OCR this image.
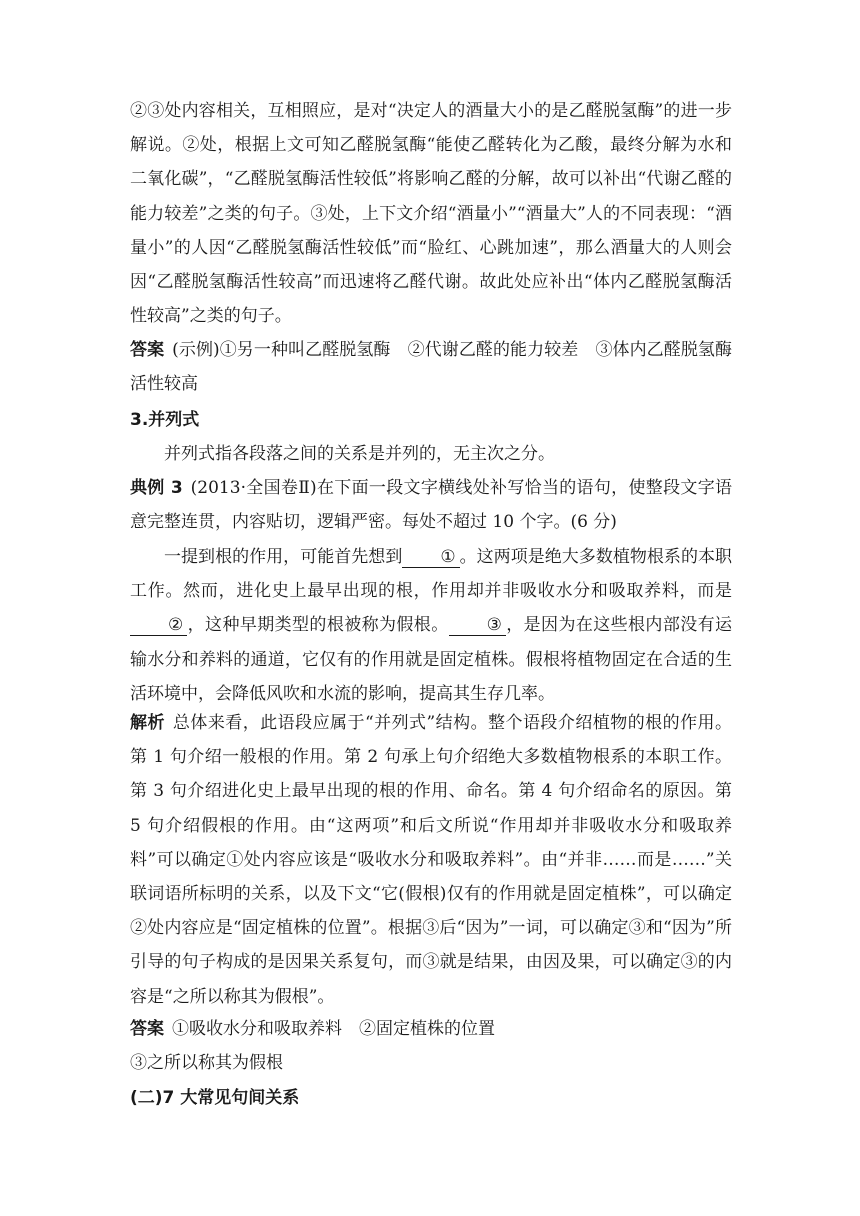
②③处内容相关，互相照应，是对“决定人的酒量大小的是乙醛脱氢酶”的进一步解说。②处，根据上文可知乙醛脱氢酶“能使乙醛转化为乙酸，最终分解为水和二氧化碳”，“乙醛脱氢酶活性较低”将影响乙醛的分解，故可以补出“代谢乙醛的能力较差”之类的句子。③处，上下文介绍“酒量小”“酒量大”人的不同表现：“酒量小”的人因“乙醛脱氢酶活性较低”而“脸红、心跳加速”，那么酒量大的人则会因“乙醛脱氢酶活性较高”而迅速将乙醛代谢。故此处应补出“体内乙醛脱氢酶活性较高”之类的句子。

答案 (示例)①另一种叫乙醛脱氢酶　②代谢乙醛的能力较差　③体内乙醛脱氢酶活性较高

3.并列式

并列式指各段落之间的关系是并列的，无主次之分。

典例 3 (2013·全国卷Ⅱ)在下面一段文字横线处补写恰当的语句，使整段文字语意完整连贯，内容贴切，逻辑严密。每处不超过 10 个字。(6 分)

一提到根的作用，可能首先想到 ① 。这两项是绝大多数植物根系的本职工作。然而，进化史上最早出现的根，作用却并非吸收水分和吸取养料，而是② ，这种早期类型的根被称为假根。 ③ ，是因为在这些根内部没有运输水分和养料的通道，它仅有的作用就是固定植株。假根将植物固定在合适的生活环境中，会降低风吹和水流的影响，提高其生存几率。

解析 总体来看，此语段应属于“并列式”结构。整个语段介绍植物的根的作用。第 1 句介绍一般根的作用。第 2 句承上句介绍绝大多数植物根系的本职工作。第 3 句介绍进化史上最早出现的根的作用、命名。第 4 句介绍命名的原因。第 5 句介绍假根的作用。由“这两项”和后文所说“作用却并非吸收水分和吸取养料”可以确定①处内容应该是“吸收水分和吸取养料”。由“并非……而是……”关联词语所标明的关系，以及下文“它(假根)仅有的作用就是固定植株”，可以确定②处内容应是“固定植株的位置”。根据③后“因为”一词，可以确定③和“因为”所引导的句子构成的是因果关系复句，而③就是结果，由因及果，可以确定③的内容是“之所以称其为假根”。

答案 ①吸收水分和吸取养料　②固定植株的位置

③之所以称其为假根

(二)7 大常见句间关系
